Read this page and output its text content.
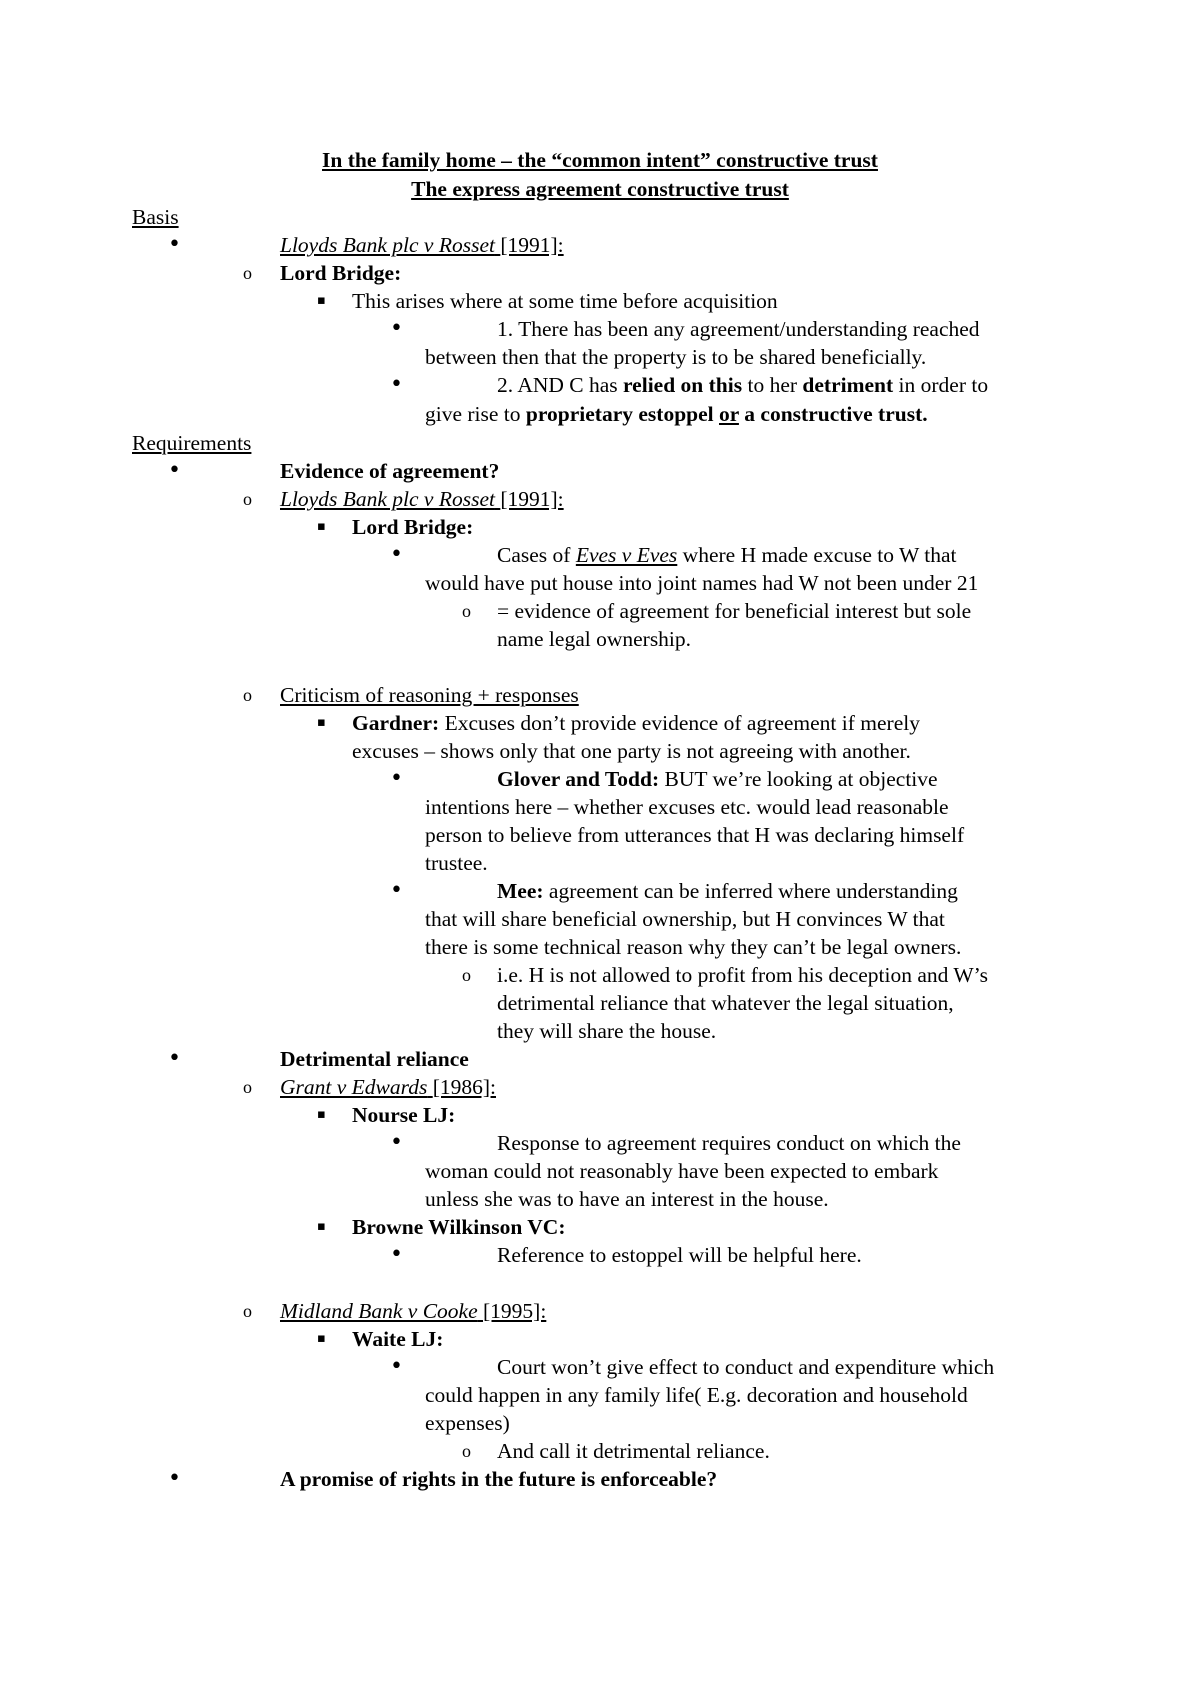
In the family home – the “common intent” constructive trust
The express agreement constructive trust
Basis
•	Lloyds Bank plc v Rosset [1991]:
o Lord Bridge:
▪ This arises where at some time before acquisition
•	1. There has been any agreement/understanding reached
between then that the property is to be shared beneficially.
•	2. AND C has relied on this to her detriment in order to
give rise to proprietary estoppel or a constructive trust.
Requirements
•	Evidence of agreement?
o Lloyds Bank plc v Rosset [1991]:
▪ Lord Bridge:
•	Cases of Eves v Eves where H made excuse to W that
would have put house into joint names had W not been under 21
o = evidence of agreement for beneficial interest but sole
name legal ownership.
o Criticism of reasoning + responses
▪ Gardner: Excuses don’t provide evidence of agreement if merely
excuses – shows only that one party is not agreeing with another.
•	Glover and Todd: BUT we’re looking at objective
intentions here – whether excuses etc. would lead reasonable
person to believe from utterances that H was declaring himself
trustee.
•	Mee: agreement can be inferred where understanding
that will share beneficial ownership, but H convinces W that
there is some technical reason why they can’t be legal owners.
o i.e. H is not allowed to profit from his deception and W’s
detrimental reliance that whatever the legal situation,
they will share the house.
•	Detrimental reliance
o Grant v Edwards [1986]:
▪ Nourse LJ:
•	Response to agreement requires conduct on which the
woman could not reasonably have been expected to embark
unless she was to have an interest in the house.
▪ Browne Wilkinson VC:
•	Reference to estoppel will be helpful here.
o Midland Bank v Cooke [1995]:
▪ Waite LJ:
•	Court won’t give effect to conduct and expenditure which
could happen in any family life( E.g. decoration and household
expenses)
o And call it detrimental reliance.
•	A promise of rights in the future is enforceable?
